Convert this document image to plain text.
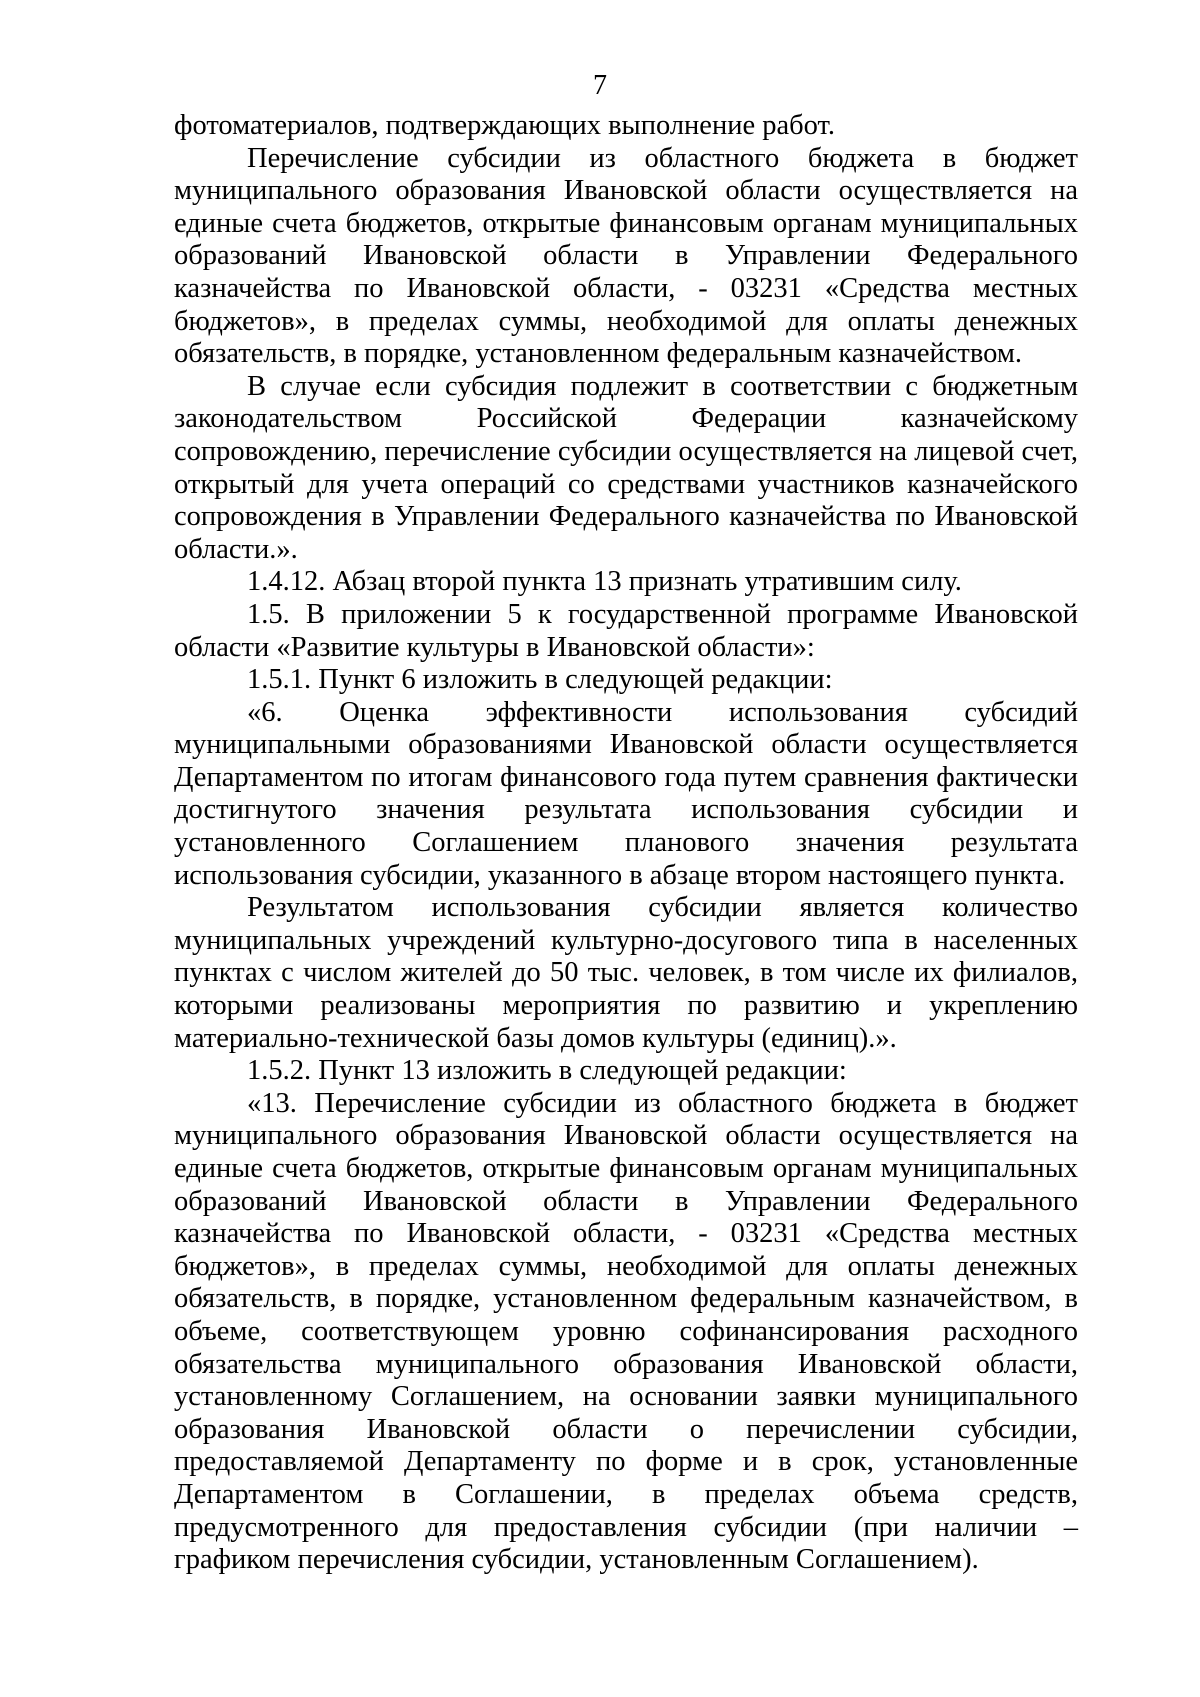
7

фотоматериалов, подтверждающих выполнение работ.

Перечисление субсидии из областного бюджета в бюджет муниципального образования Ивановской области осуществляется на единые счета бюджетов, открытые финансовым органам муниципальных образований Ивановской области в Управлении Федерального казначейства по Ивановской области, - 03231 «Средства местных бюджетов», в пределах суммы, необходимой для оплаты денежных обязательств, в порядке, установленном федеральным казначейством.

В случае если субсидия подлежит в соответствии с бюджетным законодательством Российской Федерации казначейскому сопровождению, перечисление субсидии осуществляется на лицевой счет, открытый для учета операций со средствами участников казначейского сопровождения в Управлении Федерального казначейства по Ивановской области.».

1.4.12. Абзац второй пункта 13 признать утратившим силу.

1.5. В приложении 5 к государственной программе Ивановской области «Развитие культуры в Ивановской области»:

1.5.1. Пункт 6 изложить в следующей редакции:

«6. Оценка эффективности использования субсидий муниципальными образованиями Ивановской области осуществляется Департаментом по итогам финансового года путем сравнения фактически достигнутого значения результата использования субсидии и установленного Соглашением планового значения результата использования субсидии, указанного в абзаце втором настоящего пункта.

Результатом использования субсидии является количество муниципальных учреждений культурно-досугового типа в населенных пунктах с числом жителей до 50 тыс. человек, в том числе их филиалов, которыми реализованы мероприятия по развитию и укреплению материально-технической базы домов культуры (единиц).».

1.5.2. Пункт 13 изложить в следующей редакции:

«13. Перечисление субсидии из областного бюджета в бюджет муниципального образования Ивановской области осуществляется на единые счета бюджетов, открытые финансовым органам муниципальных образований Ивановской области в Управлении Федерального казначейства по Ивановской области, - 03231 «Средства местных бюджетов», в пределах суммы, необходимой для оплаты денежных обязательств, в порядке, установленном федеральным казначейством, в объеме, соответствующем уровню софинансирования расходного обязательства муниципального образования Ивановской области, установленному Соглашением, на основании заявки муниципального образования Ивановской области о перечислении субсидии, предоставляемой Департаменту по форме и в срок, установленные Департаментом в Соглашении, в пределах объема средств, предусмотренного для предоставления субсидии (при наличии – графиком перечисления субсидии, установленным Соглашением).
